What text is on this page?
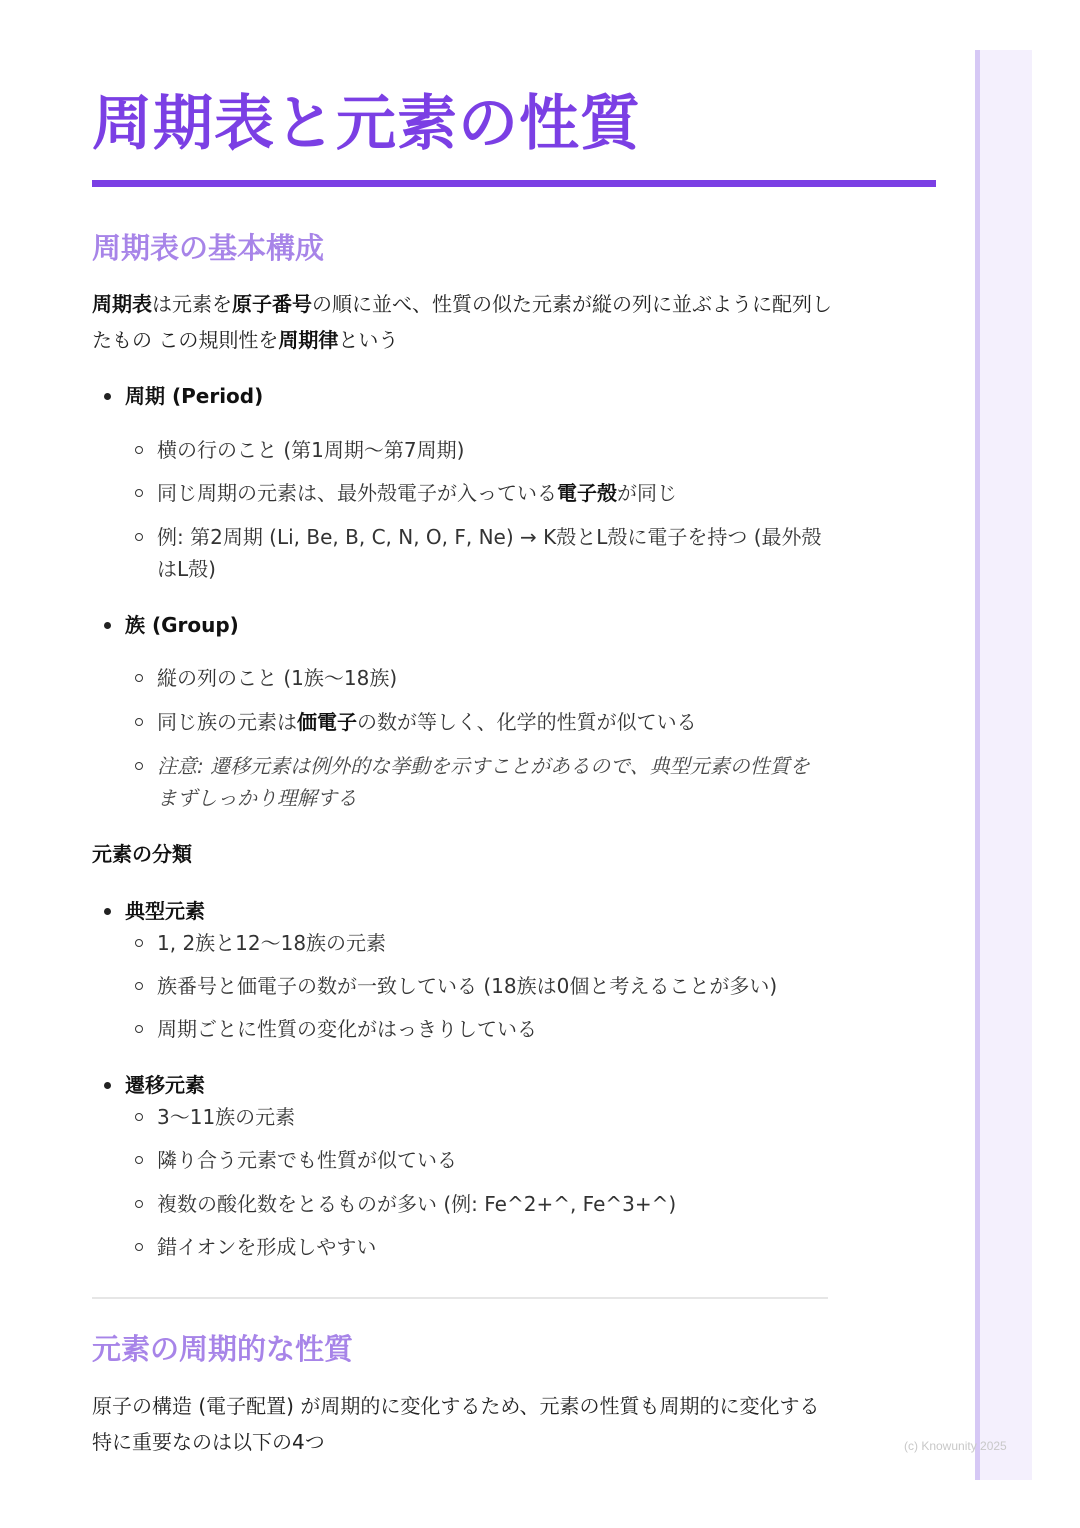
周期表と元素の性質
周期表の基本構成

周期表は元素を原子番号の順に並べ、性質の似た元素が縦の列に並ぶように配列したもの この規則性を周期律という

周期 (Period)
横の行のこと (第1周期〜第7周期)
同じ周期の元素は、最外殻電子が入っている電子殻が同じ
例: 第2周期 (Li, Be, B, C, N, O, F, Ne) → K殻とL殻に電子を持つ (最外殻はL殻)
族 (Group)
縦の列のこと (1族〜18族)
同じ族の元素は価電子の数が等しく、化学的性質が似ている
注意: 遷移元素は例外的な挙動を示すことがあるので、典型元素の性質をまずしっかり理解する
元素の分類
典型元素
1, 2族と12〜18族の元素
族番号と価電子の数が一致している (18族は0個と考えることが多い)
周期ごとに性質の変化がはっきりしている
遷移元素
3〜11族の元素
隣り合う元素でも性質が似ている
複数の酸化数をとるものが多い (例: Fe^2+^, Fe^3+^)
錯イオンを形成しやすい
元素の周期的な性質

原子の構造 (電子配置) が周期的に変化するため、元素の性質も周期的に変化する 特に重要なのは以下の4つ	(c) Knowunity 2025
